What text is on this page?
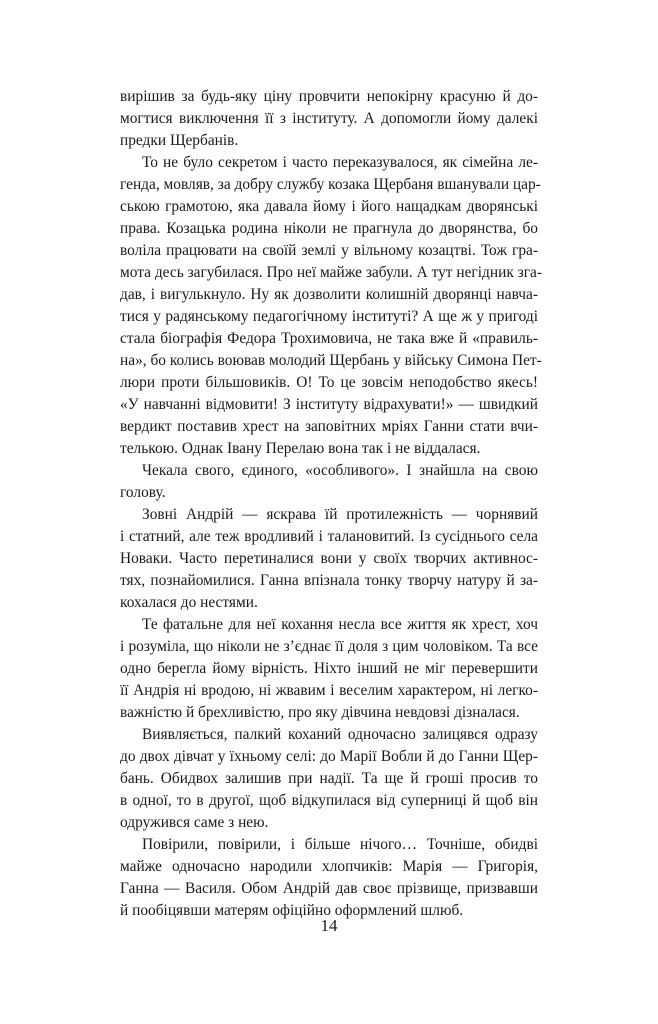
вирішив за будь-яку ціну провчити непокірну красуню й до-
могтися виключення її з інституту. А допомогли йому далекі
предки Щербанів.
То не було секретом і часто переказувалося, як сімейна ле-
генда, мовляв, за добру службу козака Щербаня вшанували цар-
ською грамотою, яка давала йому і його нащадкам дворянські
права. Козацька родина ніколи не прагнула до дворянства, бо
воліла працювати на своїй землі у вільному козацтві. Тож гра-
мота десь загубилася. Про неї майже забули. А тут негідник зга-
дав, і вигулькнуло. Ну як дозволити колишній дворянці навча-
тися у радянському педагогічному інституті? А ще ж у пригоді
стала біографія Федора Трохимовича, не така вже й «правиль-
на», бо колись воював молодий Щербань у війську Симона Пет-
люри проти більшовиків. О! То це зовсім неподобство якесь!
«У навчанні відмовити! З інституту відрахувати!» — швидкий
вердикт поставив хрест на заповітних мріях Ганни стати вчи-
телькою. Однак Івану Перелаю вона так і не віддалася.
Чекала свого, єдиного, «особливого». І знайшла на свою
голову.
Зовні Андрій — яскрава їй протилежність — чорнявий
і статний, але теж вродливий і талановитий. Із сусіднього села
Новаки. Часто перетиналися вони у своїх творчих активнос-
тях, познайомилися. Ганна впізнала тонку творчу натуру й за-
кохалася до нестями.
Те фатальне для неї кохання несла все життя як хрест, хоч
і розуміла, що ніколи не з’єднає її доля з цим чоловіком. Та все
одно берегла йому вірність. Ніхто інший не міг перевершити
її Андрія ні вродою, ні жвавим і веселим характером, ні легко-
важністю й брехливістю, про яку дівчина невдовзі дізналася.
Виявляється, палкий коханий одночасно залицявся одразу
до двох дівчат у їхньому селі: до Марії Вобли й до Ганни Щер-
бань. Обидвох залишив при надії. Та ще й гроші просив то
в одної, то в другої, щоб відкупилася від суперниці й щоб він
одружився саме з нею.
Повірили, повірили, і більше нічого… Точніше, обидві
майже одночасно народили хлопчиків: Марія — Григорія,
Ганна — Василя. Обом Андрій дав своє прізвище, призвавши
й пообіцявши матерям офіційно оформлений шлюб.
14
